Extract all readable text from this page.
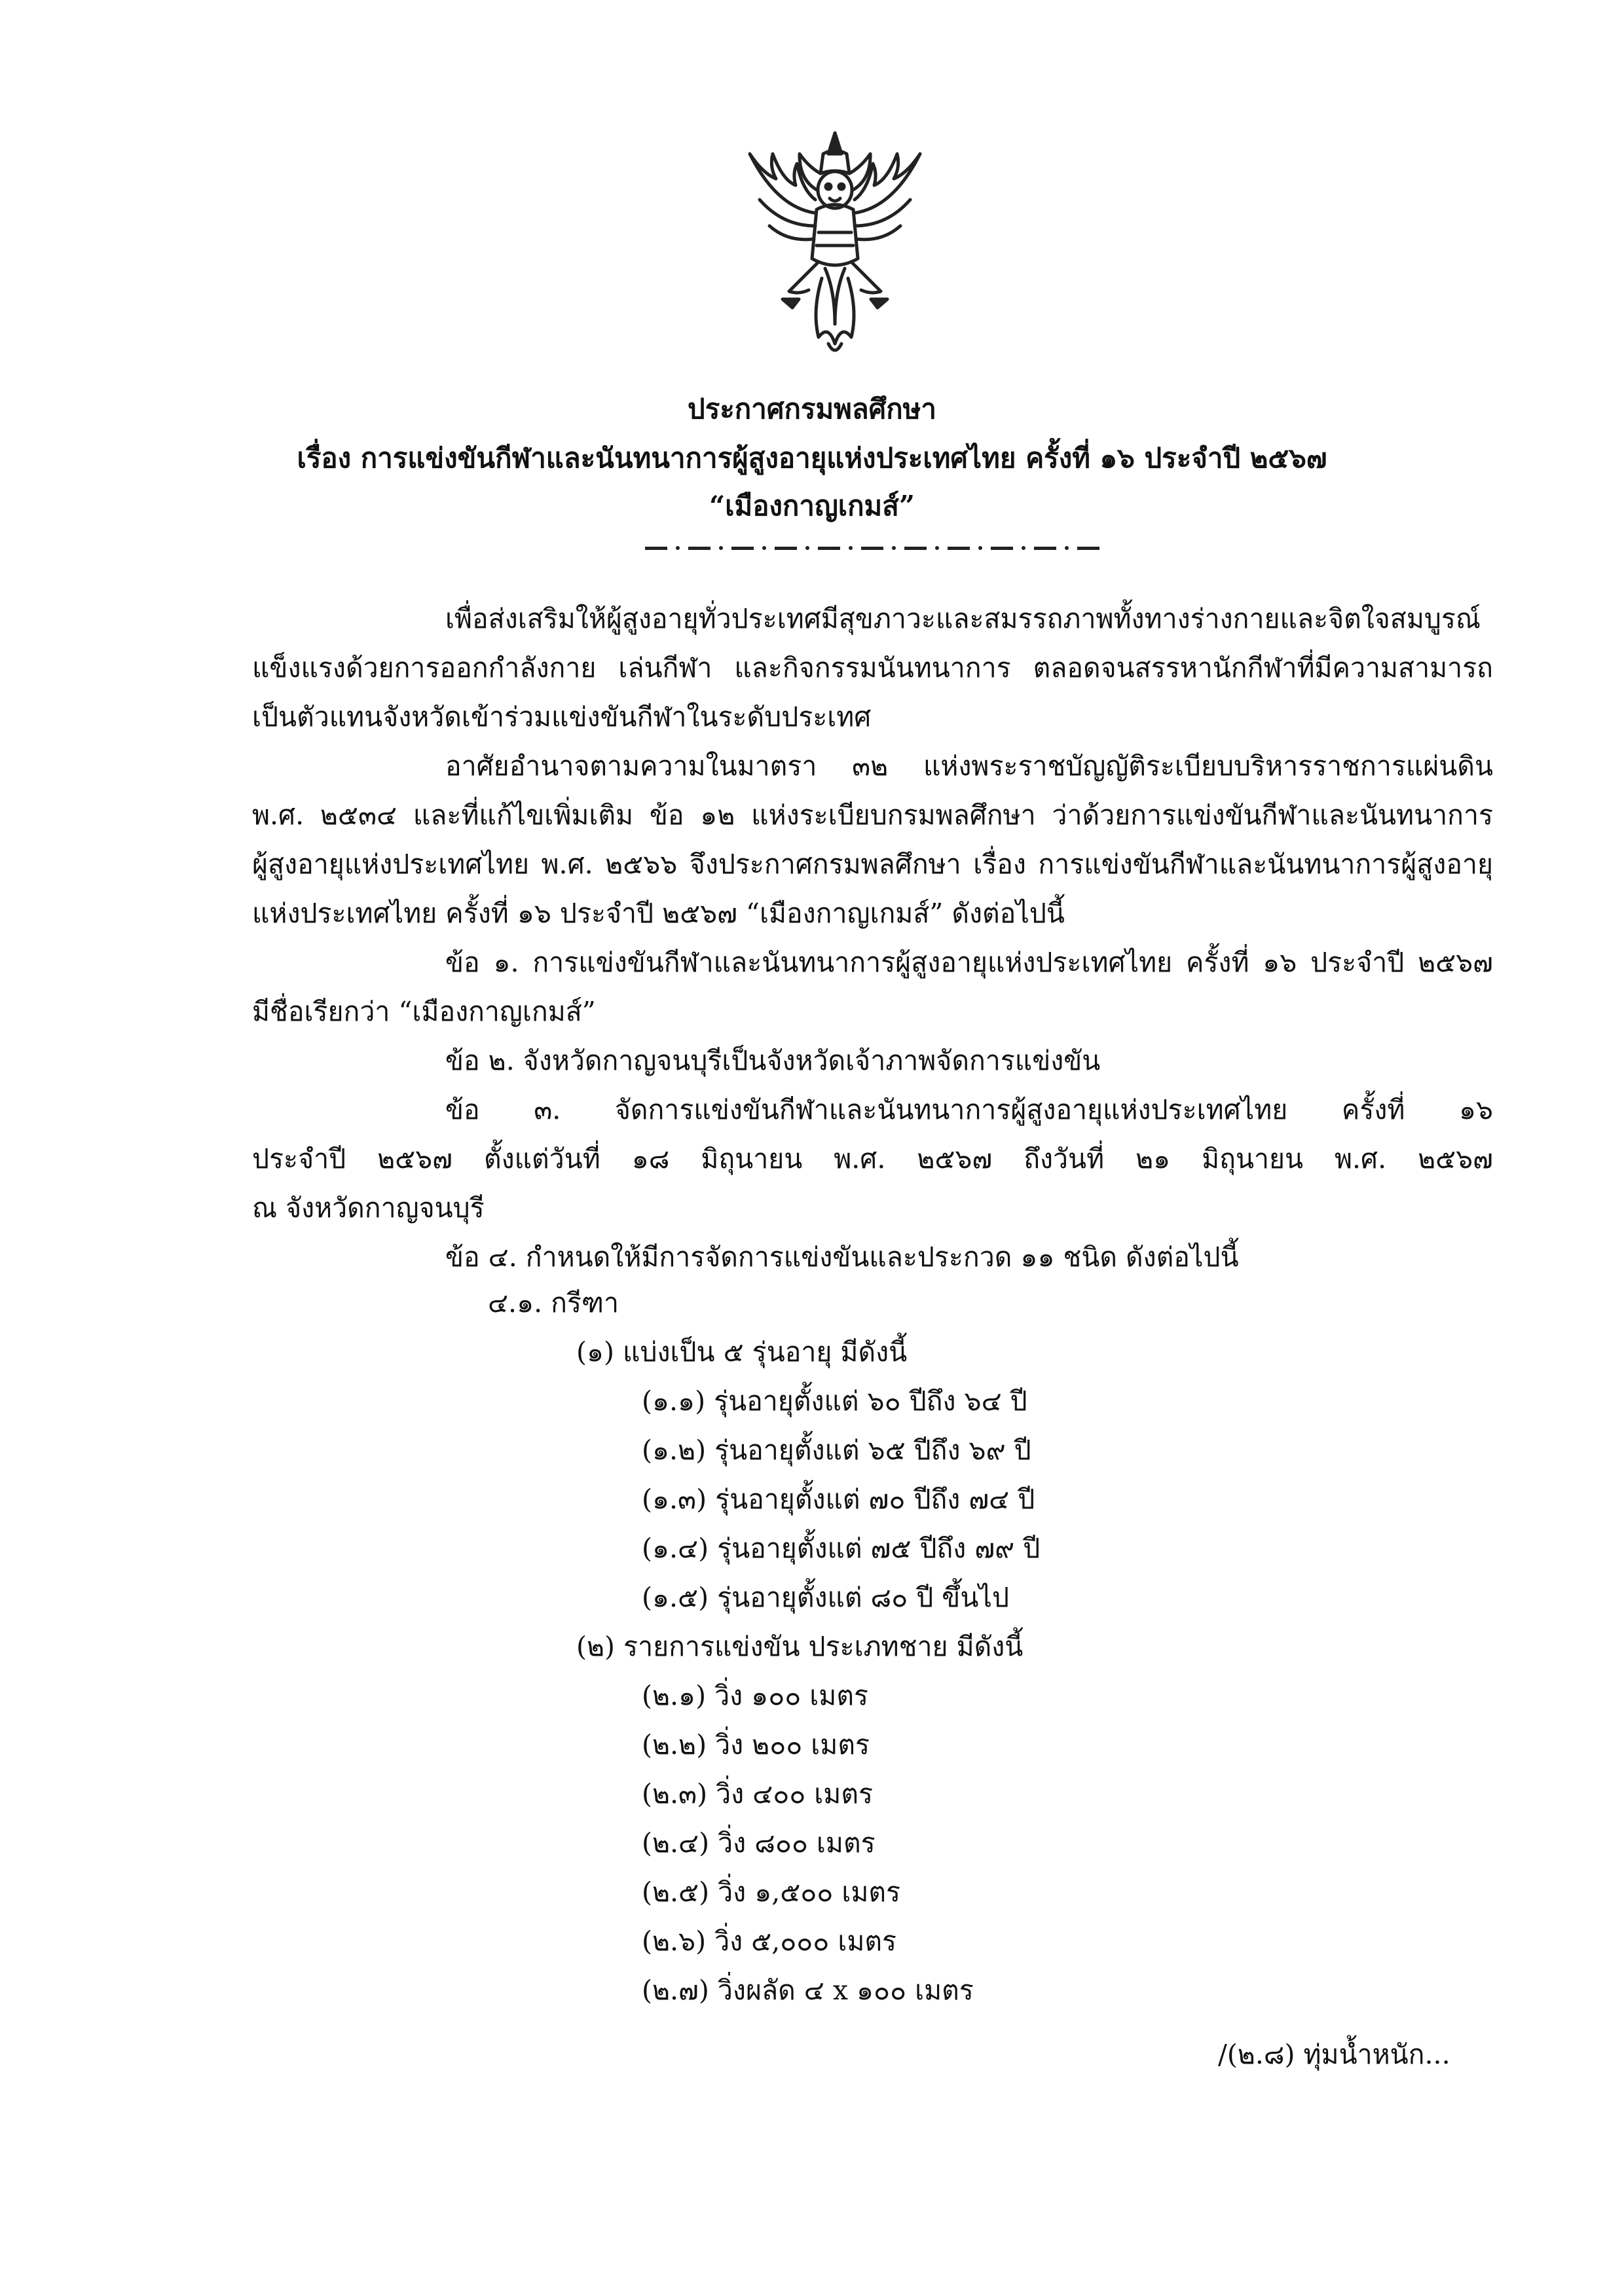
ประกาศกรมพลศึกษา
เรื่อง การแข่งขันกีฬาและนันทนาการผู้สูงอายุแห่งประเทศไทย ครั้งที่ ๑๖ ประจำปี ๒๕๖๗
“เมืองกาญเกมส์”
เพื่อส่งเสริมให้ผู้สูงอายุทั่วประเทศมีสุขภาวะและสมรรถภาพทั้งทางร่างกายและจิตใจสมบูรณ์
แข็งแรงด้วยการออกกำลังกาย เล่นกีฬา และกิจกรรมนันทนาการ ตลอดจนสรรหานักกีฬาที่มีความสามารถ
เป็นตัวแทนจังหวัดเข้าร่วมแข่งขันกีฬาในระดับประเทศ
อาศัยอำนาจตามความในมาตรา ๓๒ แห่งพระราชบัญญัติระเบียบบริหารราชการแผ่นดิน
พ.ศ. ๒๕๓๔ และที่แก้ไขเพิ่มเติม ข้อ ๑๒ แห่งระเบียบกรมพลศึกษา ว่าด้วยการแข่งขันกีฬาและนันทนาการ
ผู้สูงอายุแห่งประเทศไทย พ.ศ. ๒๕๖๖ จึงประกาศกรมพลศึกษา เรื่อง การแข่งขันกีฬาและนันทนาการผู้สูงอายุ
แห่งประเทศไทย ครั้งที่ ๑๖ ประจำปี ๒๕๖๗ “เมืองกาญเกมส์” ดังต่อไปนี้
ข้อ ๑. การแข่งขันกีฬาและนันทนาการผู้สูงอายุแห่งประเทศไทย ครั้งที่ ๑๖ ประจำปี ๒๕๖๗
มีชื่อเรียกว่า “เมืองกาญเกมส์”
ข้อ ๒. จังหวัดกาญจนบุรีเป็นจังหวัดเจ้าภาพจัดการแข่งขัน
ข้อ ๓. จัดการแข่งขันกีฬาและนันทนาการผู้สูงอายุแห่งประเทศไทย ครั้งที่ ๑๖
ประจำปี ๒๕๖๗ ตั้งแต่วันที่ ๑๘ มิถุนายน พ.ศ. ๒๕๖๗ ถึงวันที่ ๒๑ มิถุนายน พ.ศ. ๒๕๖๗
ณ จังหวัดกาญจนบุรี
ข้อ ๔. กำหนดให้มีการจัดการแข่งขันและประกวด ๑๑ ชนิด ดังต่อไปนี้
๔.๑. กรีฑา
(๑) แบ่งเป็น ๕ รุ่นอายุ มีดังนี้
(๑.๑) รุ่นอายุตั้งแต่ ๖๐ ปีถึง ๖๔ ปี
(๑.๒) รุ่นอายุตั้งแต่ ๖๕ ปีถึง ๖๙ ปี
(๑.๓) รุ่นอายุตั้งแต่ ๗๐ ปีถึง ๗๔ ปี
(๑.๔) รุ่นอายุตั้งแต่ ๗๕ ปีถึง ๗๙ ปี
(๑.๕) รุ่นอายุตั้งแต่ ๘๐ ปี ขึ้นไป
(๒) รายการแข่งขัน ประเภทชาย มีดังนี้
(๒.๑) วิ่ง ๑๐๐ เมตร
(๒.๒) วิ่ง ๒๐๐ เมตร
(๒.๓) วิ่ง ๔๐๐ เมตร
(๒.๔) วิ่ง ๘๐๐ เมตร
(๒.๕) วิ่ง ๑,๕๐๐ เมตร
(๒.๖) วิ่ง ๕,๐๐๐ เมตร
(๒.๗) วิ่งผลัด ๔ x ๑๐๐ เมตร
/(๒.๘) ทุ่มน้ำหนัก...
